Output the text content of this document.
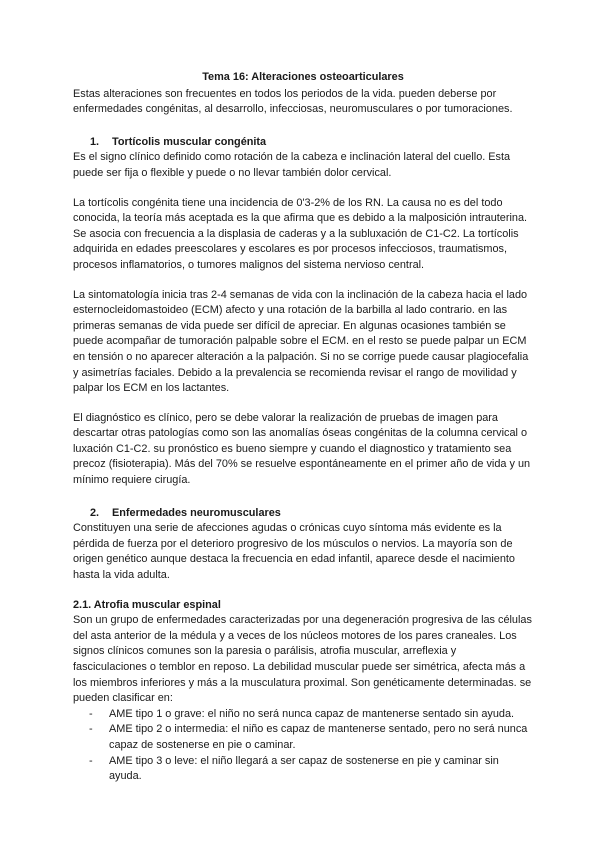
Tema 16: Alteraciones osteoarticulares

Estas alteraciones son frecuentes en todos los periodos de la vida. pueden deberse por enfermedades congénitas, al desarrollo, infecciosas, neuromusculares o por tumoraciones.

1. Tortícolis muscular congénita

Es el signo clínico definido como rotación de la cabeza e inclinación lateral del cuello. Esta puede ser fija o flexible y puede o no llevar también dolor cervical.

La tortícolis congénita tiene una incidencia de 0'3-2% de los RN. La causa no es del todo conocida, la teoría más aceptada es la que afirma que es debido a la malposición intrauterina. Se asocia con frecuencia a la displasia de caderas y a la subluxación de C1-C2. La tortícolis adquirida en edades preescolares y escolares es por procesos infecciosos, traumatismos, procesos inflamatorios, o tumores malignos del sistema nervioso central.

La sintomatología inicia tras 2-4 semanas de vida con la inclinación de la cabeza hacia el lado esternocleidomastoideo (ECM) afecto y una rotación de la barbilla al lado contrario. en las primeras semanas de vida puede ser difícil de apreciar. En algunas ocasiones también se puede acompañar de tumoración palpable sobre el ECM. en el resto se puede palpar un ECM en tensión o no aparecer alteración a la palpación. Si no se corrige puede causar plagiocefalia y asimetrías faciales. Debido a la prevalencia se recomienda revisar el rango de movilidad y palpar los ECM en los lactantes.

El diagnóstico es clínico, pero se debe valorar la realización de pruebas de imagen para descartar otras patologías como son las anomalías óseas congénitas de la columna cervical o luxación C1-C2. su pronóstico es bueno siempre y cuando el diagnostico y tratamiento sea precoz (fisioterapia). Más del 70% se resuelve espontáneamente en el primer año de vida y un mínimo requiere cirugía.

2. Enfermedades neuromusculares

Constituyen una serie de afecciones agudas o crónicas cuyo síntoma más evidente es la pérdida de fuerza por el deterioro progresivo de los músculos o nervios. La mayoría son de origen genético aunque destaca la frecuencia en edad infantil, aparece desde el nacimiento hasta la vida adulta.

2.1. Atrofia muscular espinal

Son un grupo de enfermedades caracterizadas por una degeneración progresiva de las células del asta anterior de la médula y a veces de los núcleos motores de los pares craneales. Los signos clínicos comunes son la paresia o parálisis, atrofia muscular, arreflexia y fasciculaciones o temblor en reposo. La debilidad muscular puede ser simétrica, afecta más a los miembros inferiores y más a la musculatura proximal. Son genéticamente determinadas. se pueden clasificar en:

- AME tipo 1 o grave: el niño no será nunca capaz de mantenerse sentado sin ayuda.
- AME tipo 2 o intermedia: el niño es capaz de mantenerse sentado, pero no será nunca capaz de sostenerse en pie o caminar.
- AME tipo 3 o leve: el niño llegará a ser capaz de sostenerse en pie y caminar sin ayuda.
